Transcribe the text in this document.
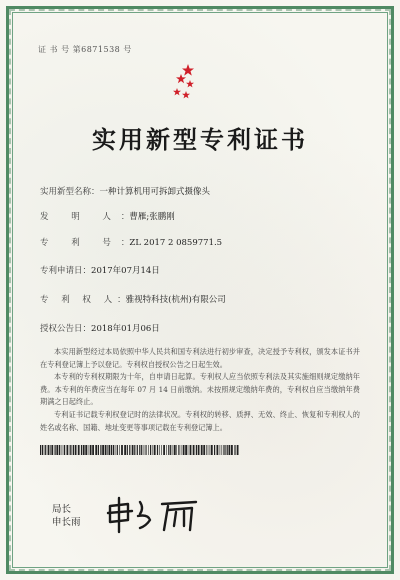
证 书 号 第6871538 号
实用新型专利证书
实用新型名称：一种计算机用可拆卸式摄像头
发 明 人：曹雁;张鹏刚
专 利 号：ZL 2017 2 0859771.5
专利申请日：2017年07月14日
专 利 权 人：雅视特科技(杭州)有限公司
授权公告日：2018年01月06日

本实用新型经过本局依照中华人民共和国专利法进行初步审查，决定授予专利权，颁发本证书并在专利登记簿上予以登记。专利权自授权公告之日起生效。

本专利的专利权期限为十年，自申请日起算。专利权人应当依照专利法及其实施细则规定缴纳年费。本专利的年费应当在每年 07 月 14 日前缴纳。未按照规定缴纳年费的，专利权自应当缴纳年费期满之日起终止。

专利证书记载专利权登记时的法律状况。专利权的转移、质押、无效、终止、恢复和专利权人的姓名或名称、国籍、地址变更等事项记载在专利登记簿上。

局长
申长雨
